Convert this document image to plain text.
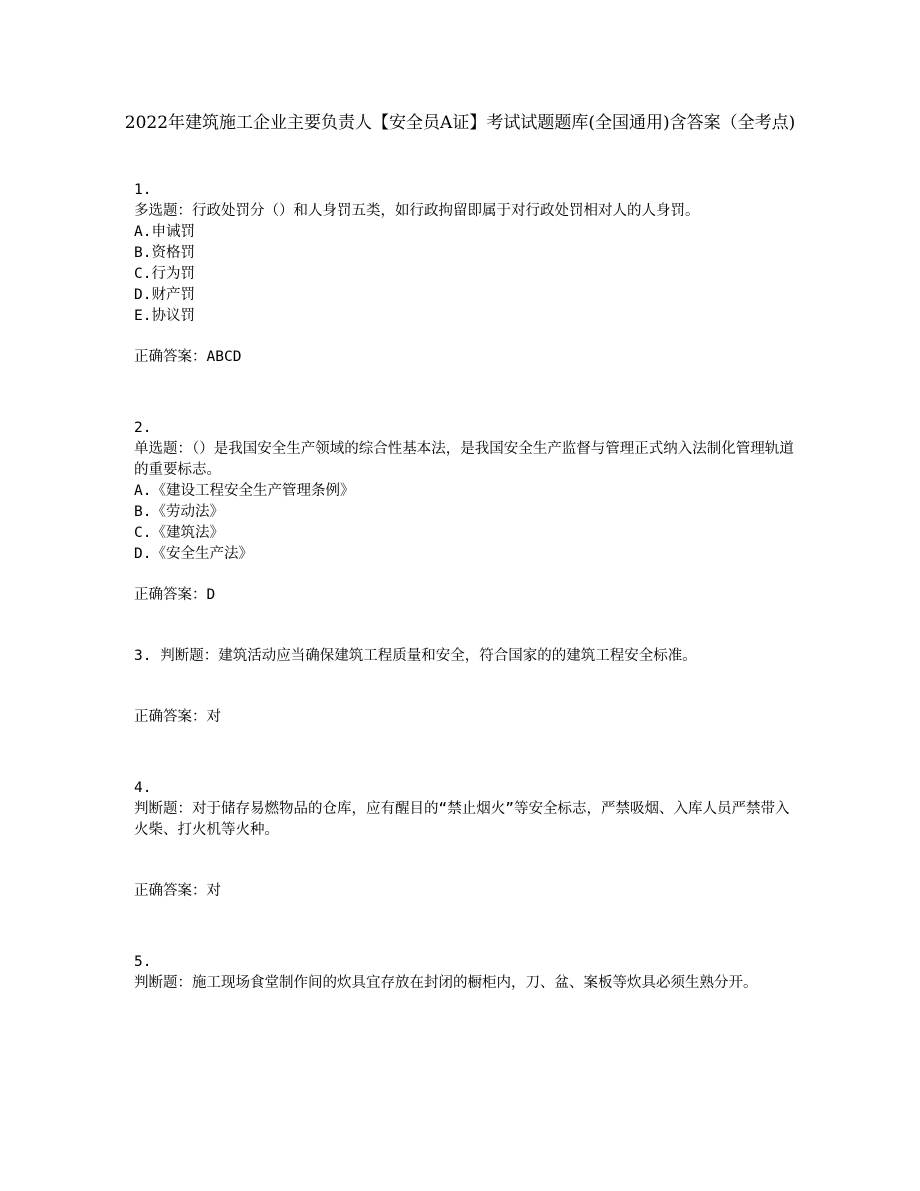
2022年建筑施工企业主要负责人【安全员A证】考试试题题库(全国通用)含答案（全考点)
1.
多选题：行政处罚分（）和人身罚五类，如行政拘留即属于对行政处罚相对人的人身罚。
A.申诫罚
B.资格罚
C.行为罚
D.财产罚
E.协议罚
正确答案：ABCD
2.
单选题：（）是我国安全生产领域的综合性基本法，是我国安全生产监督与管理正式纳入法制化管理轨道的重要标志。
A.《建设工程安全生产管理条例》
B.《劳动法》
C.《建筑法》
D.《安全生产法》
正确答案：D
3. 判断题：建筑活动应当确保建筑工程质量和安全，符合国家的的建筑工程安全标准。
正确答案：对
4.
判断题：对于储存易燃物品的仓库，应有醒目的“禁止烟火”等安全标志，严禁吸烟、入库人员严禁带入火柴、打火机等火种。
正确答案：对
5.
判断题：施工现场食堂制作间的炊具宜存放在封闭的橱柜内，刀、盆、案板等炊具必须生熟分开。
